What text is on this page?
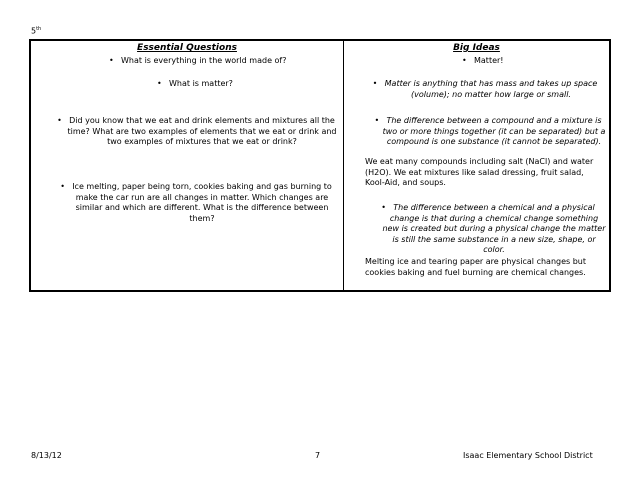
5th
Essential Questions
• What is everything in the world made of?
• What is matter?
• Did you know that we eat and drink elements and mixtures all the time? What are two examples of elements that we eat or drink and two examples of mixtures that we eat or drink?
• Ice melting, paper being torn, cookies baking and gas burning to make the car run are all changes in matter. Which changes are similar and which are different. What is the difference between them?
Big Ideas
• Matter!
• Matter is anything that has mass and takes up space (volume); no matter how large or small.
• The difference between a compound and a mixture is two or more things together (it can be separated) but a compound is one substance (it cannot be separated).
We eat many compounds including salt (NaCl) and water (H2O). We eat mixtures like salad dressing, fruit salad, Kool-Aid, and soups.
• The difference between a chemical and a physical change is that during a chemical change something new is created but during a physical change the matter is still the same substance in a new size, shape, or color.
Melting ice and tearing paper are physical changes but cookies baking and fuel burning are chemical changes.
8/13/12	7	Isaac Elementary School District
